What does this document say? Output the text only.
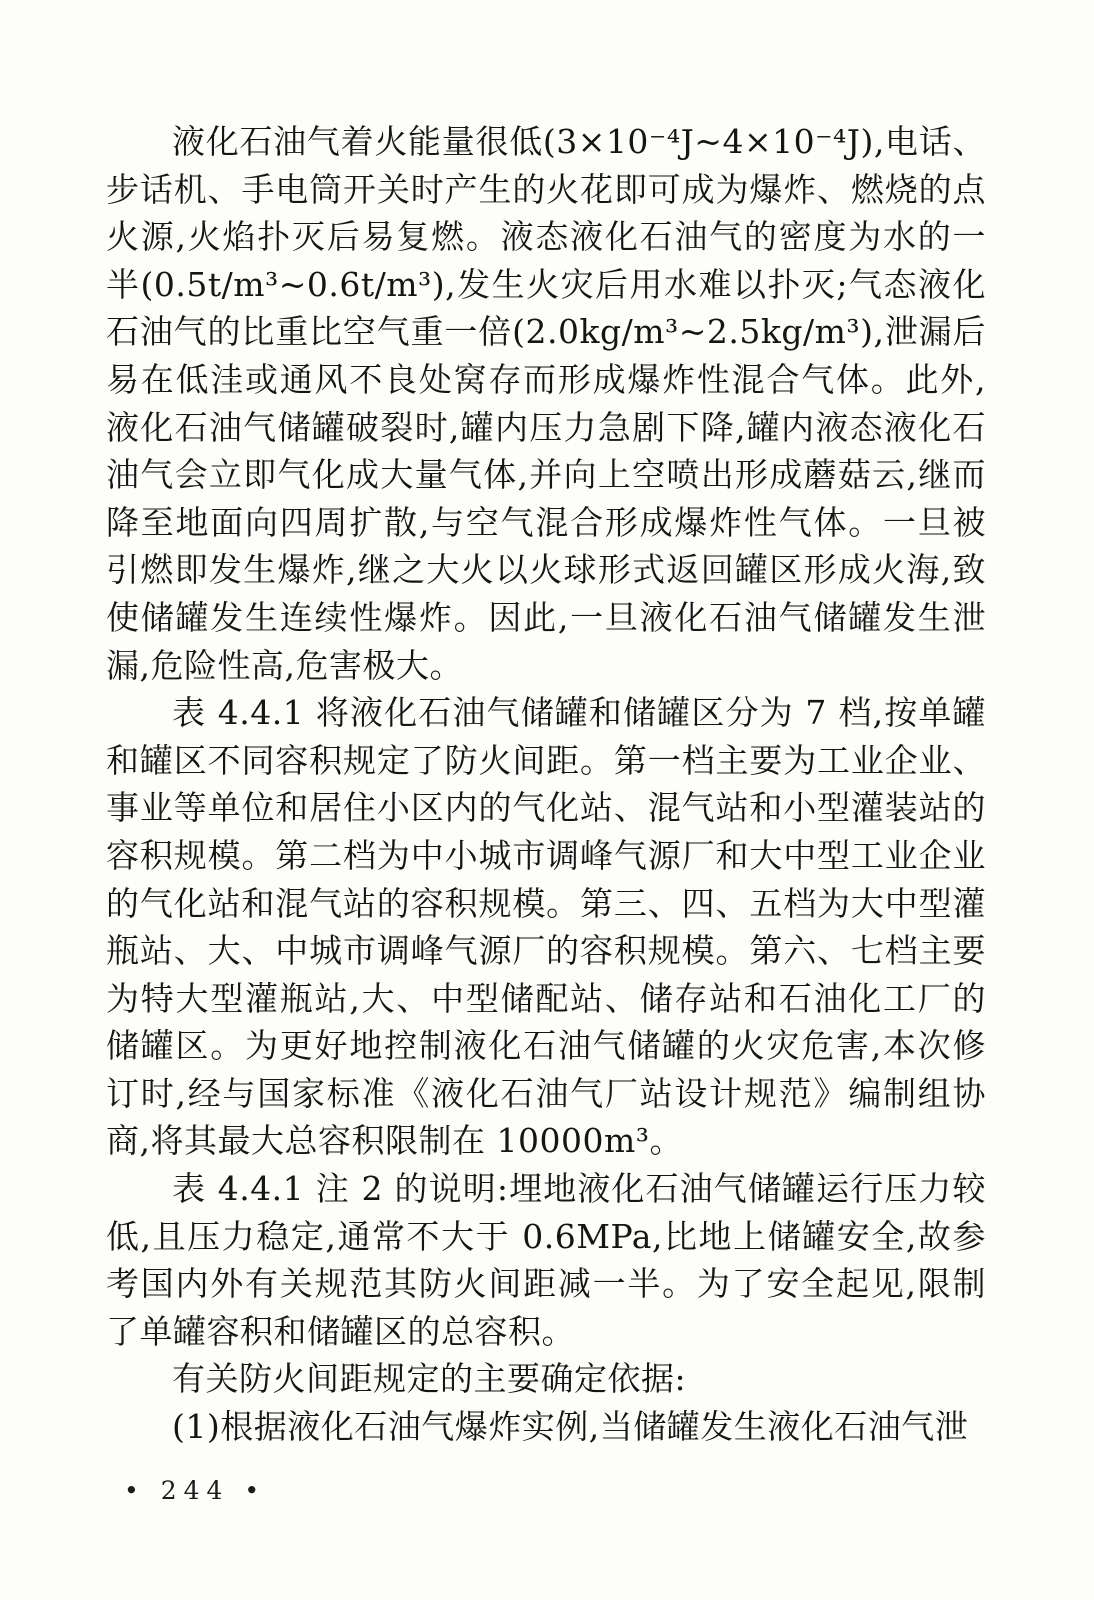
液化石油气着火能量很低(3×10⁻⁴J~4×10⁻⁴J),电话、步话机、手电筒开关时产生的火花即可成为爆炸、燃烧的点火源,火焰扑灭后易复燃。液态液化石油气的密度为水的一半(0.5t/m³~0.6t/m³),发生火灾后用水难以扑灭;气态液化石油气的比重比空气重一倍(2.0kg/m³~2.5kg/m³),泄漏后易在低洼或通风不良处窝存而形成爆炸性混合气体。此外,液化石油气储罐破裂时,罐内压力急剧下降,罐内液态液化石油气会立即气化成大量气体,并向上空喷出形成蘑菇云,继而降至地面向四周扩散,与空气混合形成爆炸性气体。一旦被引燃即发生爆炸,继之大火以火球形式返回罐区形成火海,致使储罐发生连续性爆炸。因此,一旦液化石油气储罐发生泄漏,危险性高,危害极大。

表 4.4.1 将液化石油气储罐和储罐区分为 7 档,按单罐和罐区不同容积规定了防火间距。第一档主要为工业企业、事业等单位和居住小区内的气化站、混气站和小型灌装站的容积规模。第二档为中小城市调峰气源厂和大中型工业企业的气化站和混气站的容积规模。第三、四、五档为大中型灌瓶站、大、中城市调峰气源厂的容积规模。第六、七档主要为特大型灌瓶站,大、中型储配站、储存站和石油化工厂的储罐区。为更好地控制液化石油气储罐的火灾危害,本次修订时,经与国家标准《液化石油气厂站设计规范》编制组协商,将其最大总容积限制在 10000m³。

表 4.4.1 注 2 的说明:埋地液化石油气储罐运行压力较低,且压力稳定,通常不大于 0.6MPa,比地上储罐安全,故参考国内外有关规范其防火间距减一半。为了安全起见,限制了单罐容积和储罐区的总容积。

有关防火间距规定的主要确定依据:

(1)根据液化石油气爆炸实例,当储罐发生液化石油气泄

• 244 •
